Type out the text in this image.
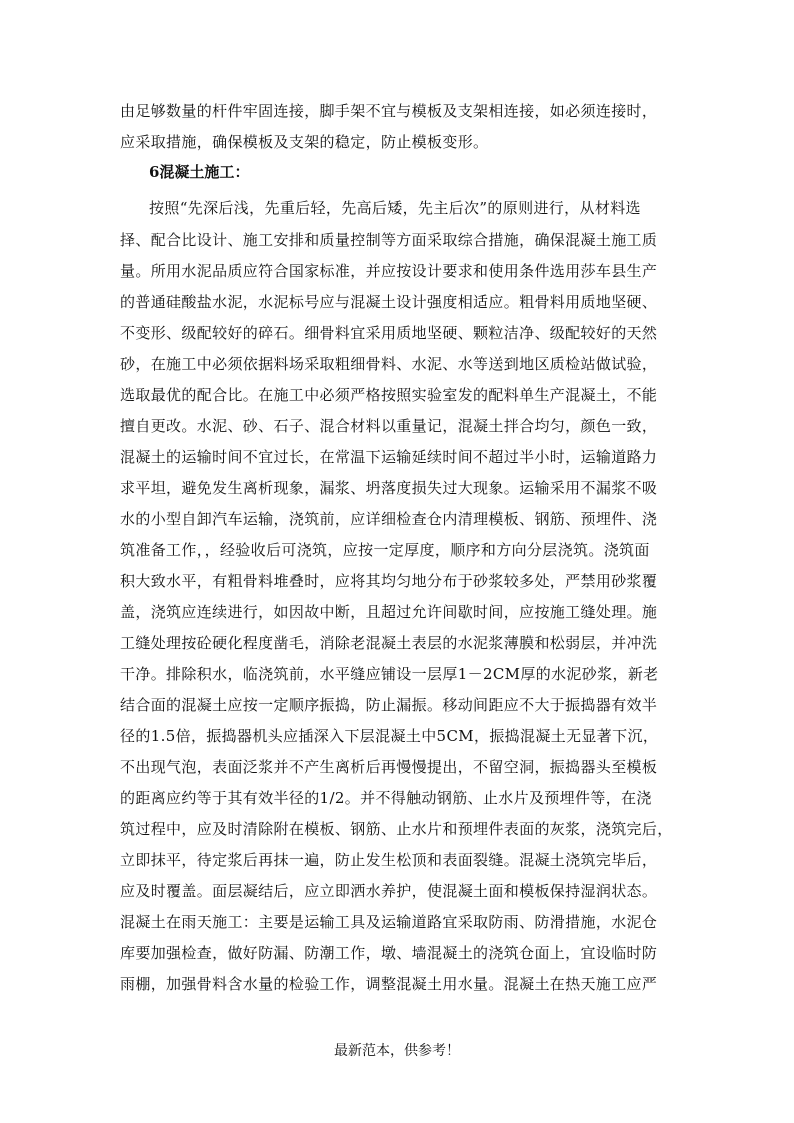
由足够数量的杆件牢固连接，脚手架不宜与模板及支架相连接，如必须连接时，
应采取措施，确保模板及支架的稳定，防止模板变形。
6混凝土施工：
按照“先深后浅，先重后轻，先高后矮，先主后次”的原则进行，从材料选
择、配合比设计、施工安排和质量控制等方面采取综合措施，确保混凝土施工质
量。所用水泥品质应符合国家标准，并应按设计要求和使用条件选用莎车县生产
的普通硅酸盐水泥，水泥标号应与混凝土设计强度相适应。粗骨料用质地坚硬、
不变形、级配较好的碎石。细骨料宜采用质地坚硬、颗粒洁净、级配较好的天然
砂，在施工中必须依据料场采取粗细骨料、水泥、水等送到地区质检站做试验，
选取最优的配合比。在施工中必须严格按照实验室发的配料单生产混凝土，不能
擅自更改。水泥、砂、石子、混合材料以重量记，混凝土拌合均匀，颜色一致，
混凝土的运输时间不宜过长，在常温下运输延续时间不超过半小时，运输道路力
求平坦，避免发生离析现象，漏浆、坍落度损失过大现象。运输采用不漏浆不吸
水的小型自卸汽车运输，浇筑前，应详细检查仓内清理模板、钢筋、预埋件、浇
筑准备工作，，经验收后可浇筑，应按一定厚度，顺序和方向分层浇筑。浇筑面
积大致水平，有粗骨料堆叠时，应将其均匀地分布于砂浆较多处，严禁用砂浆覆
盖，浇筑应连续进行，如因故中断，且超过允许间歇时间，应按施工缝处理。施
工缝处理按砼硬化程度凿毛，消除老混凝土表层的水泥浆薄膜和松弱层，并冲洗
干净。排除积水，临浇筑前，水平缝应铺设一层厚1－2CM厚的水泥砂浆，新老
结合面的混凝土应按一定顺序振捣，防止漏振。移动间距应不大于振捣器有效半
径的1.5倍，振捣器机头应插深入下层混凝土中5CM，振捣混凝土无显著下沉，
不出现气泡，表面泛浆并不产生离析后再慢慢提出，不留空洞，振捣器头至模板
的距离应约等于其有效半径的1/2。并不得触动钢筋、止水片及预埋件等，在浇
筑过程中，应及时清除附在模板、钢筋、止水片和预埋件表面的灰浆，浇筑完后，
立即抹平，待定浆后再抹一遍，防止发生松顶和表面裂缝。混凝土浇筑完毕后，
应及时覆盖。面层凝结后，应立即洒水养护，使混凝土面和模板保持湿润状态。
混凝土在雨天施工：主要是运输工具及运输道路宜采取防雨、防滑措施，水泥仓
库要加强检查，做好防漏、防潮工作，墩、墙混凝土的浇筑仓面上，宜设临时防
雨棚，加强骨料含水量的检验工作，调整混凝土用水量。混凝土在热天施工应严
最新范本，供参考！
